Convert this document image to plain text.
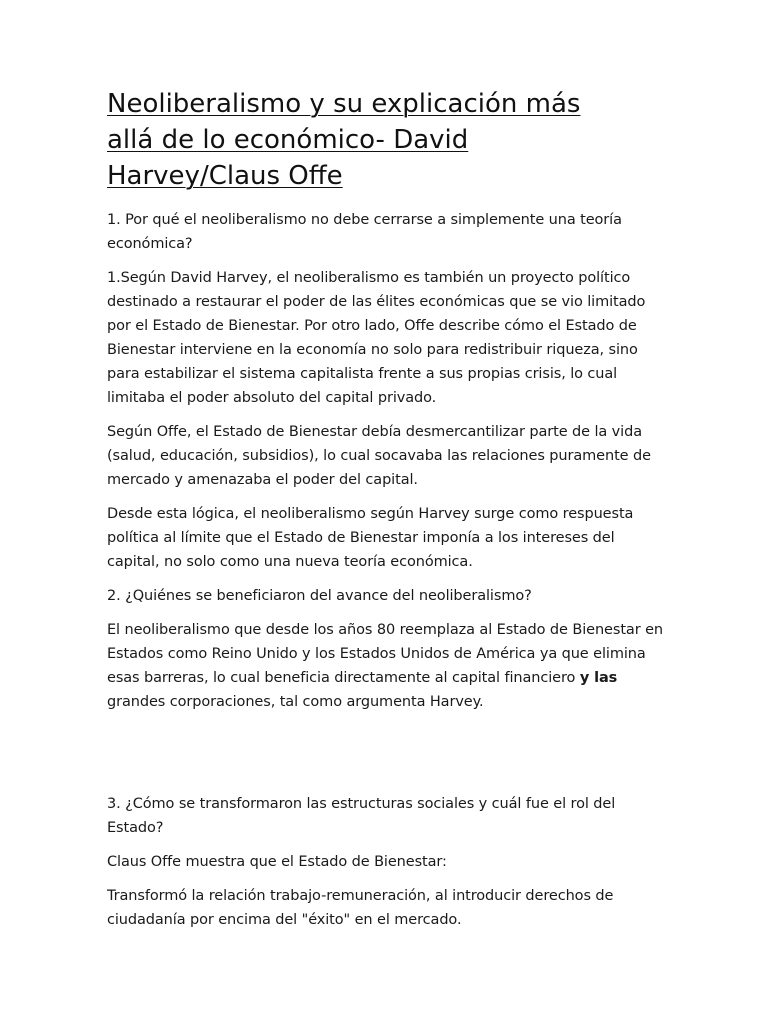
Neoliberalismo y su explicación más
allá de lo económico- David
Harvey/Claus Offe

1. Por qué el neoliberalismo no debe cerrarse a simplemente una teoría
económica?

1.Según David Harvey, el neoliberalismo es también un proyecto político
destinado a restaurar el poder de las élites económicas que se vio limitado
por el Estado de Bienestar. Por otro lado, Offe describe cómo el Estado de
Bienestar interviene en la economía no solo para redistribuir riqueza, sino
para estabilizar el sistema capitalista frente a sus propias crisis, lo cual
limitaba el poder absoluto del capital privado.

Según Offe, el Estado de Bienestar debía desmercantilizar parte de la vida
(salud, educación, subsidios), lo cual socavaba las relaciones puramente de
mercado y amenazaba el poder del capital.

Desde esta lógica, el neoliberalismo según Harvey surge como respuesta
política al límite que el Estado de Bienestar imponía a los intereses del
capital, no solo como una nueva teoría económica.

2. ¿Quiénes se beneficiaron del avance del neoliberalismo?

El neoliberalismo que desde los años 80 reemplaza al Estado de Bienestar en
Estados como Reino Unido y los Estados Unidos de América ya que elimina
esas barreras, lo cual beneficia directamente al capital financiero y las
grandes corporaciones, tal como argumenta Harvey.

3. ¿Cómo se transformaron las estructuras sociales y cuál fue el rol del
Estado?

Claus Offe muestra que el Estado de Bienestar:

Transformó la relación trabajo-remuneración, al introducir derechos de
ciudadanía por encima del "éxito" en el mercado.
